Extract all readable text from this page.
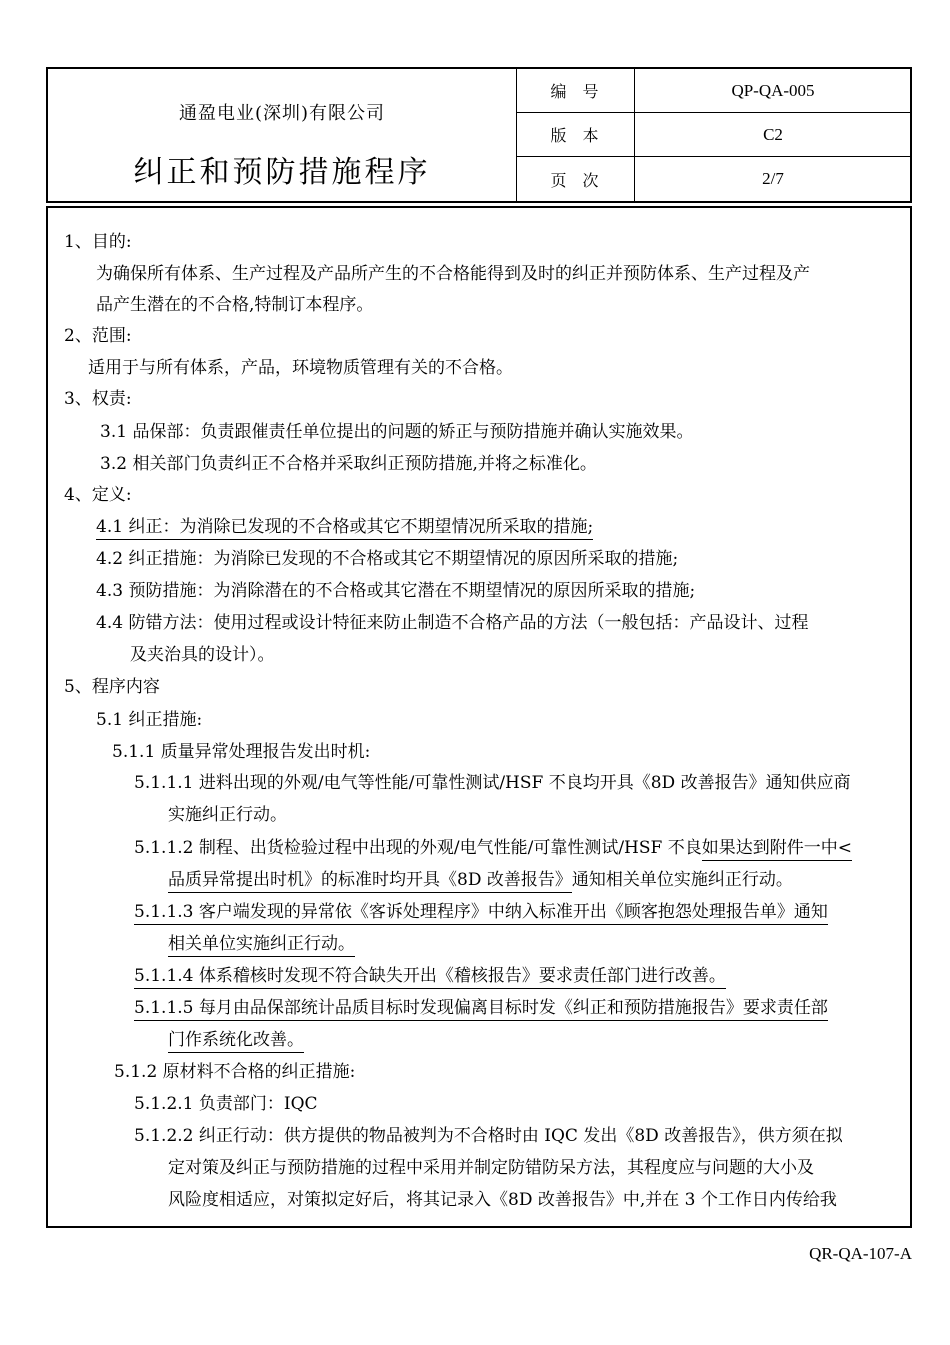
通盈电业(深圳)有限公司
纠正和预防措施程序
编号	QP-QA-005
版本	C2
页次	2/7
1、目的:
为确保所有体系、生产过程及产品所产生的不合格能得到及时的纠正并预防体系、生产过程及产
品产生潜在的不合格,特制订本程序。
2、范围:
适用于与所有体系，产品，环境物质管理有关的不合格。
3、权责:
3.1 品保部：负责跟催责任单位提出的问题的矫正与预防措施并确认实施效果。
3.2 相关部门负责纠正不合格并采取纠正预防措施,并将之标准化。
4、定义:
4.1 纠正：为消除已发现的不合格或其它不期望情况所采取的措施;
4.2 纠正措施：为消除已发现的不合格或其它不期望情况的原因所采取的措施;
4.3 预防措施：为消除潜在的不合格或其它潜在不期望情况的原因所采取的措施;
4.4 防错方法：使用过程或设计特征来防止制造不合格产品的方法（一般包括：产品设计、过程
及夹治具的设计）。
5、程序内容
5.1 纠正措施:
5.1.1 质量异常处理报告发出时机:
5.1.1.1 进料出现的外观/电气等性能/可靠性测试/HSF 不良均开具《8D 改善报告》通知供应商
实施纠正行动。
5.1.1.2 制程、出货检验过程中出现的外观/电气性能/可靠性测试/HSF 不良如果达到附件一中<
品质异常提出时机》的标准时均开具《8D 改善报告》通知相关单位实施纠正行动。
5.1.1.3 客户端发现的异常依《客诉处理程序》中纳入标准开出《顾客抱怨处理报告单》通知
相关单位实施纠正行动。
5.1.1.4 体系稽核时发现不符合缺失开出《稽核报告》要求责任部门进行改善。
5.1.1.5 每月由品保部统计品质目标时发现偏离目标时发《纠正和预防措施报告》要求责任部
门作系统化改善。
5.1.2 原材料不合格的纠正措施:
5.1.2.1 负责部门：IQC
5.1.2.2 纠正行动：供方提供的物品被判为不合格时由 IQC 发出《8D 改善报告》，供方须在拟
定对策及纠正与预防措施的过程中采用并制定防错防呆方法，其程度应与问题的大小及
风险度相适应，对策拟定好后，将其记录入《8D 改善报告》中,并在 3 个工作日内传给我
QR-QA-107-A
